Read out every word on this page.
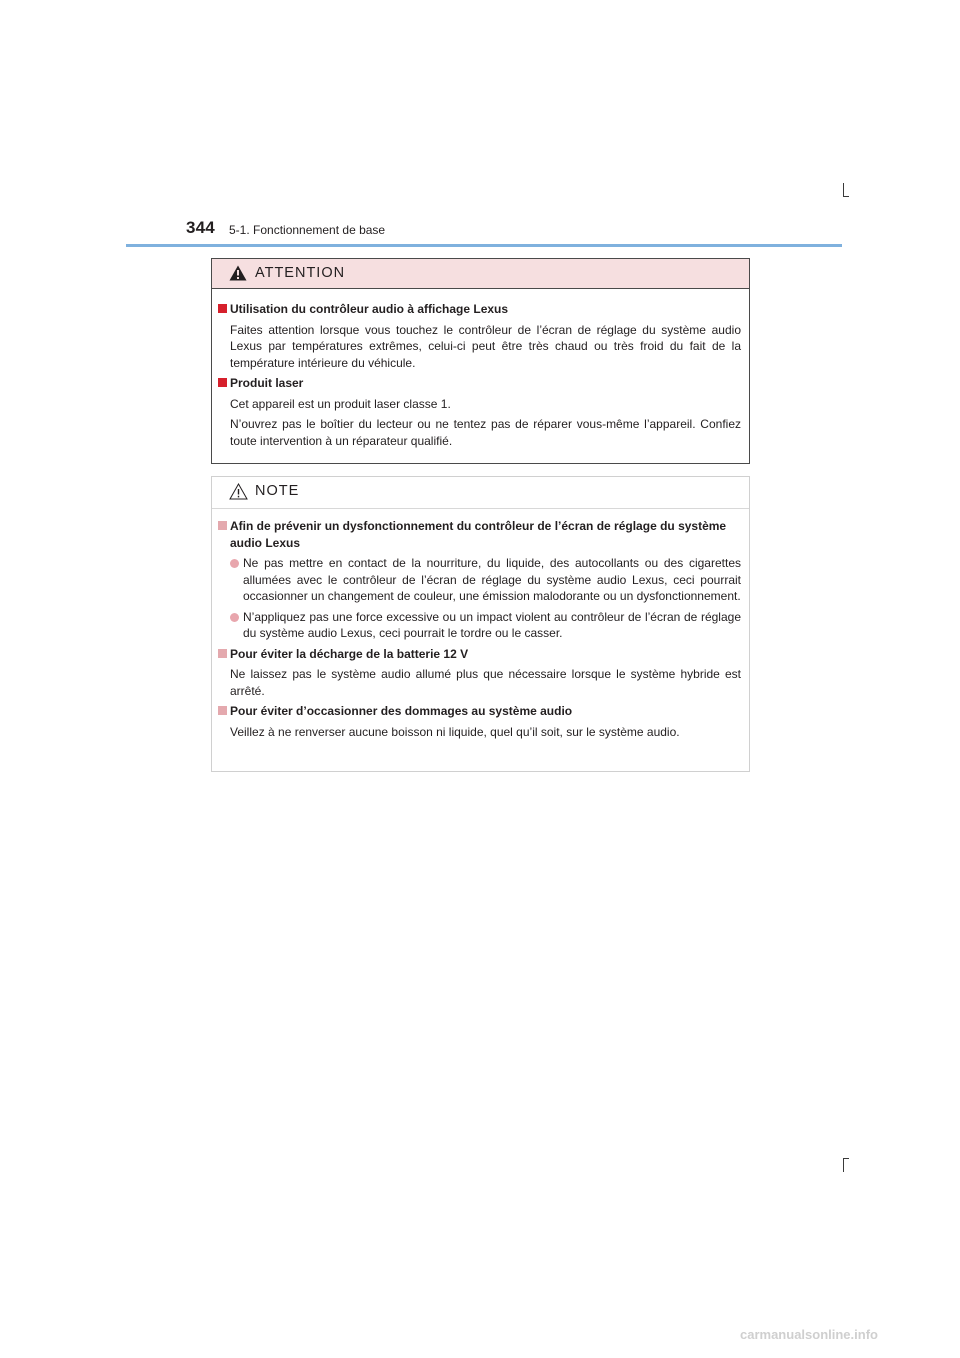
344 5-1. Fonctionnement de base
ATTENTION
Utilisation du contrôleur audio à affichage Lexus
Faites attention lorsque vous touchez le contrôleur de l’écran de réglage du système audio Lexus par températures extrêmes, celui-ci peut être très chaud ou très froid du fait de la température intérieure du véhicule.
Produit laser
Cet appareil est un produit laser classe 1.
N’ouvrez pas le boîtier du lecteur ou ne tentez pas de réparer vous-même l’appareil. Confiez toute intervention à un réparateur qualifié.
NOTE
Afin de prévenir un dysfonctionnement du contrôleur de l’écran de réglage du système audio Lexus
Ne pas mettre en contact de la nourriture, du liquide, des autocollants ou des cigarettes allumées avec le contrôleur de l’écran de réglage du système audio Lexus, ceci pourrait occasionner un changement de couleur, une émission malodorante ou un dysfonctionnement.
N’appliquez pas une force excessive ou un impact violent au contrôleur de l’écran de réglage du système audio Lexus, ceci pourrait le tordre ou le casser.
Pour éviter la décharge de la batterie 12 V
Ne laissez pas le système audio allumé plus que nécessaire lorsque le système hybride est arrêté.
Pour éviter d’occasionner des dommages au système audio
Veillez à ne renverser aucune boisson ni liquide, quel qu’il soit, sur le système audio.
carmanualsonline.info
